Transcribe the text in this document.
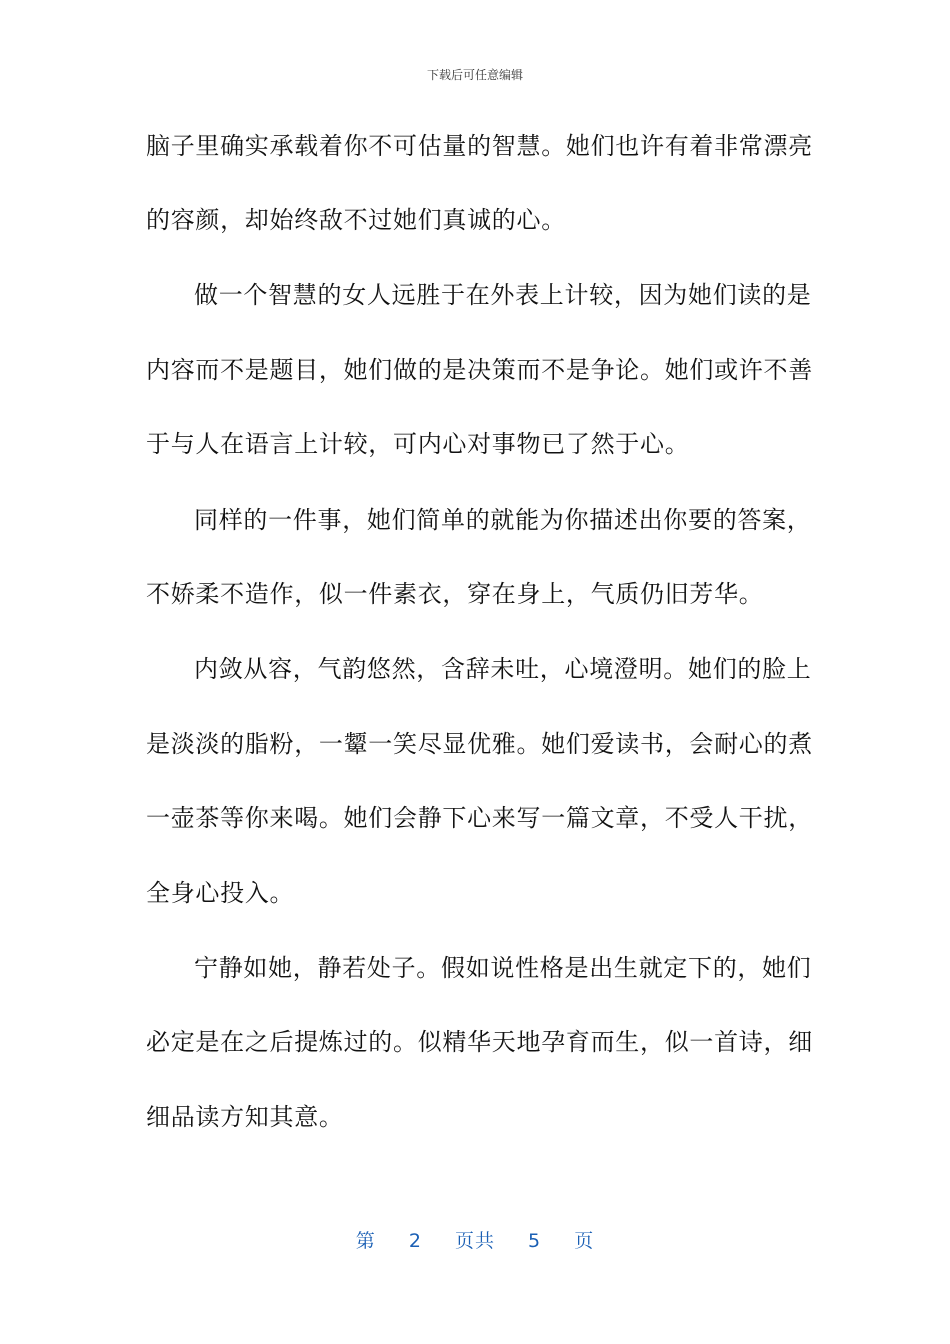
下载后可任意编辑
脑子里确实承载着你不可估量的智慧。她们也许有着非常漂亮
的容颜，却始终敌不过她们真诚的心。
做一个智慧的女人远胜于在外表上计较，因为她们读的是
内容而不是题目，她们做的是决策而不是争论。她们或许不善
于与人在语言上计较，可内心对事物已了然于心。
同样的一件事，她们简单的就能为你描述出你要的答案，
不娇柔不造作，似一件素衣，穿在身上，气质仍旧芳华。
内敛从容，气韵悠然，含辞未吐，心境澄明。她们的脸上
是淡淡的脂粉，一颦一笑尽显优雅。她们爱读书，会耐心的煮
一壶茶等你来喝。她们会静下心来写一篇文章，不受人干扰，
全身心投入。
宁静如她，静若处子。假如说性格是出生就定下的，她们
必定是在之后提炼过的。似精华天地孕育而生，似一首诗，细
细品读方知其意。
第 2 页共 5 页
